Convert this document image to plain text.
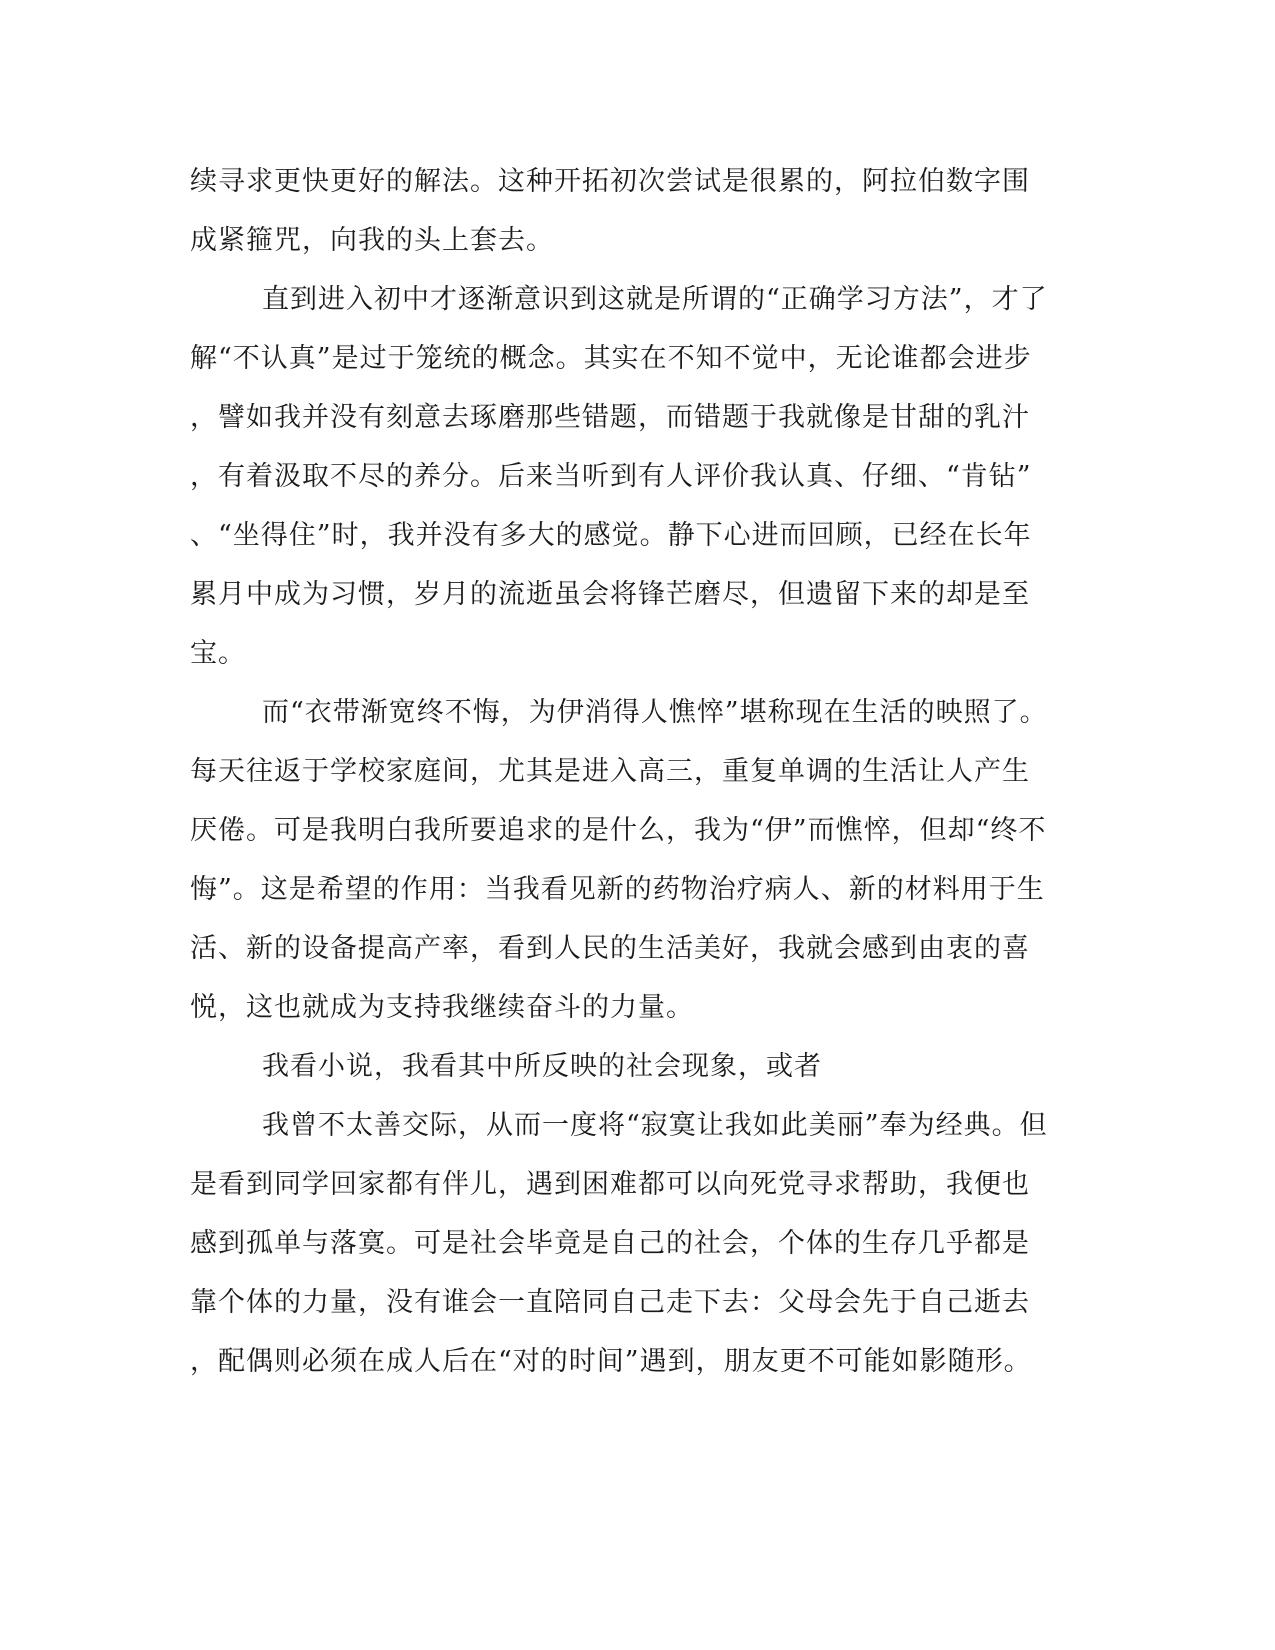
续寻求更快更好的解法。这种开拓初次尝试是很累的，阿拉伯数字围
成紧箍咒，向我的头上套去。
直到进入初中才逐渐意识到这就是所谓的“正确学习方法”，才了
解“不认真”是过于笼统的概念。其实在不知不觉中，无论谁都会进步
，譬如我并没有刻意去琢磨那些错题，而错题于我就像是甘甜的乳汁
，有着汲取不尽的养分。后来当听到有人评价我认真、仔细、“肯钻”
、“坐得住”时，我并没有多大的感觉。静下心进而回顾，已经在长年
累月中成为习惯，岁月的流逝虽会将锋芒磨尽，但遗留下来的却是至
宝。
而“衣带渐宽终不悔，为伊消得人憔悴”堪称现在生活的映照了。
每天往返于学校家庭间，尤其是进入高三，重复单调的生活让人产生
厌倦。可是我明白我所要追求的是什么，我为“伊”而憔悴，但却“终不
悔”。这是希望的作用：当我看见新的药物治疗病人、新的材料用于生
活、新的设备提高产率，看到人民的生活美好，我就会感到由衷的喜
悦，这也就成为支持我继续奋斗的力量。
我看小说，我看其中所反映的社会现象，或者
我曾不太善交际，从而一度将“寂寞让我如此美丽”奉为经典。但
是看到同学回家都有伴儿，遇到困难都可以向死党寻求帮助，我便也
感到孤单与落寞。可是社会毕竟是自己的社会，个体的生存几乎都是
靠个体的力量，没有谁会一直陪同自己走下去：父母会先于自己逝去
，配偶则必须在成人后在“对的时间”遇到，朋友更不可能如影随形。
